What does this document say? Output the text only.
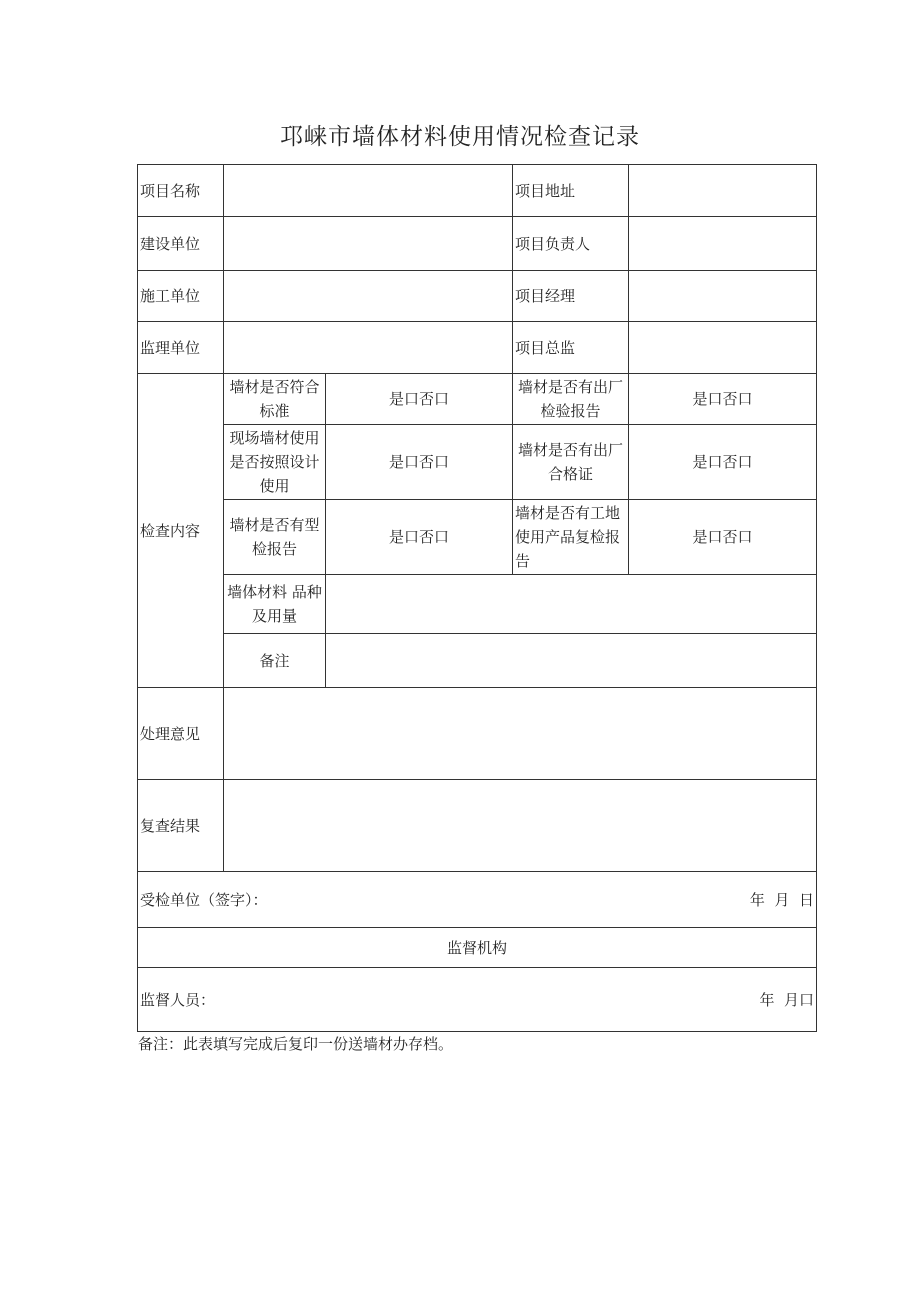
邛崃市墙体材料使用情况检查记录
项目名称			项目地址	
建设单位			项目负责人	
施工单位			项目经理	
监理单位			项目总监	
检查内容	墙材是否符合标准	是口否口	墙材是否有出厂检验报告	是口否口
	现场墙材使用是否按照设计使用	是口否口	墙材是否有出厂合格证	是口否口
	墙材是否有型检报告	是口否口	墙材是否有工地使用产品复检报告	是口否口
	墙体材料 品种及用量			
	备注			
处理意见				
复查结果				

受检单位（签字）： 年  月  日				

监督机构				

监督人员： 年  月口				
备注：此表填写完成后复印一份送墙材办存档。
